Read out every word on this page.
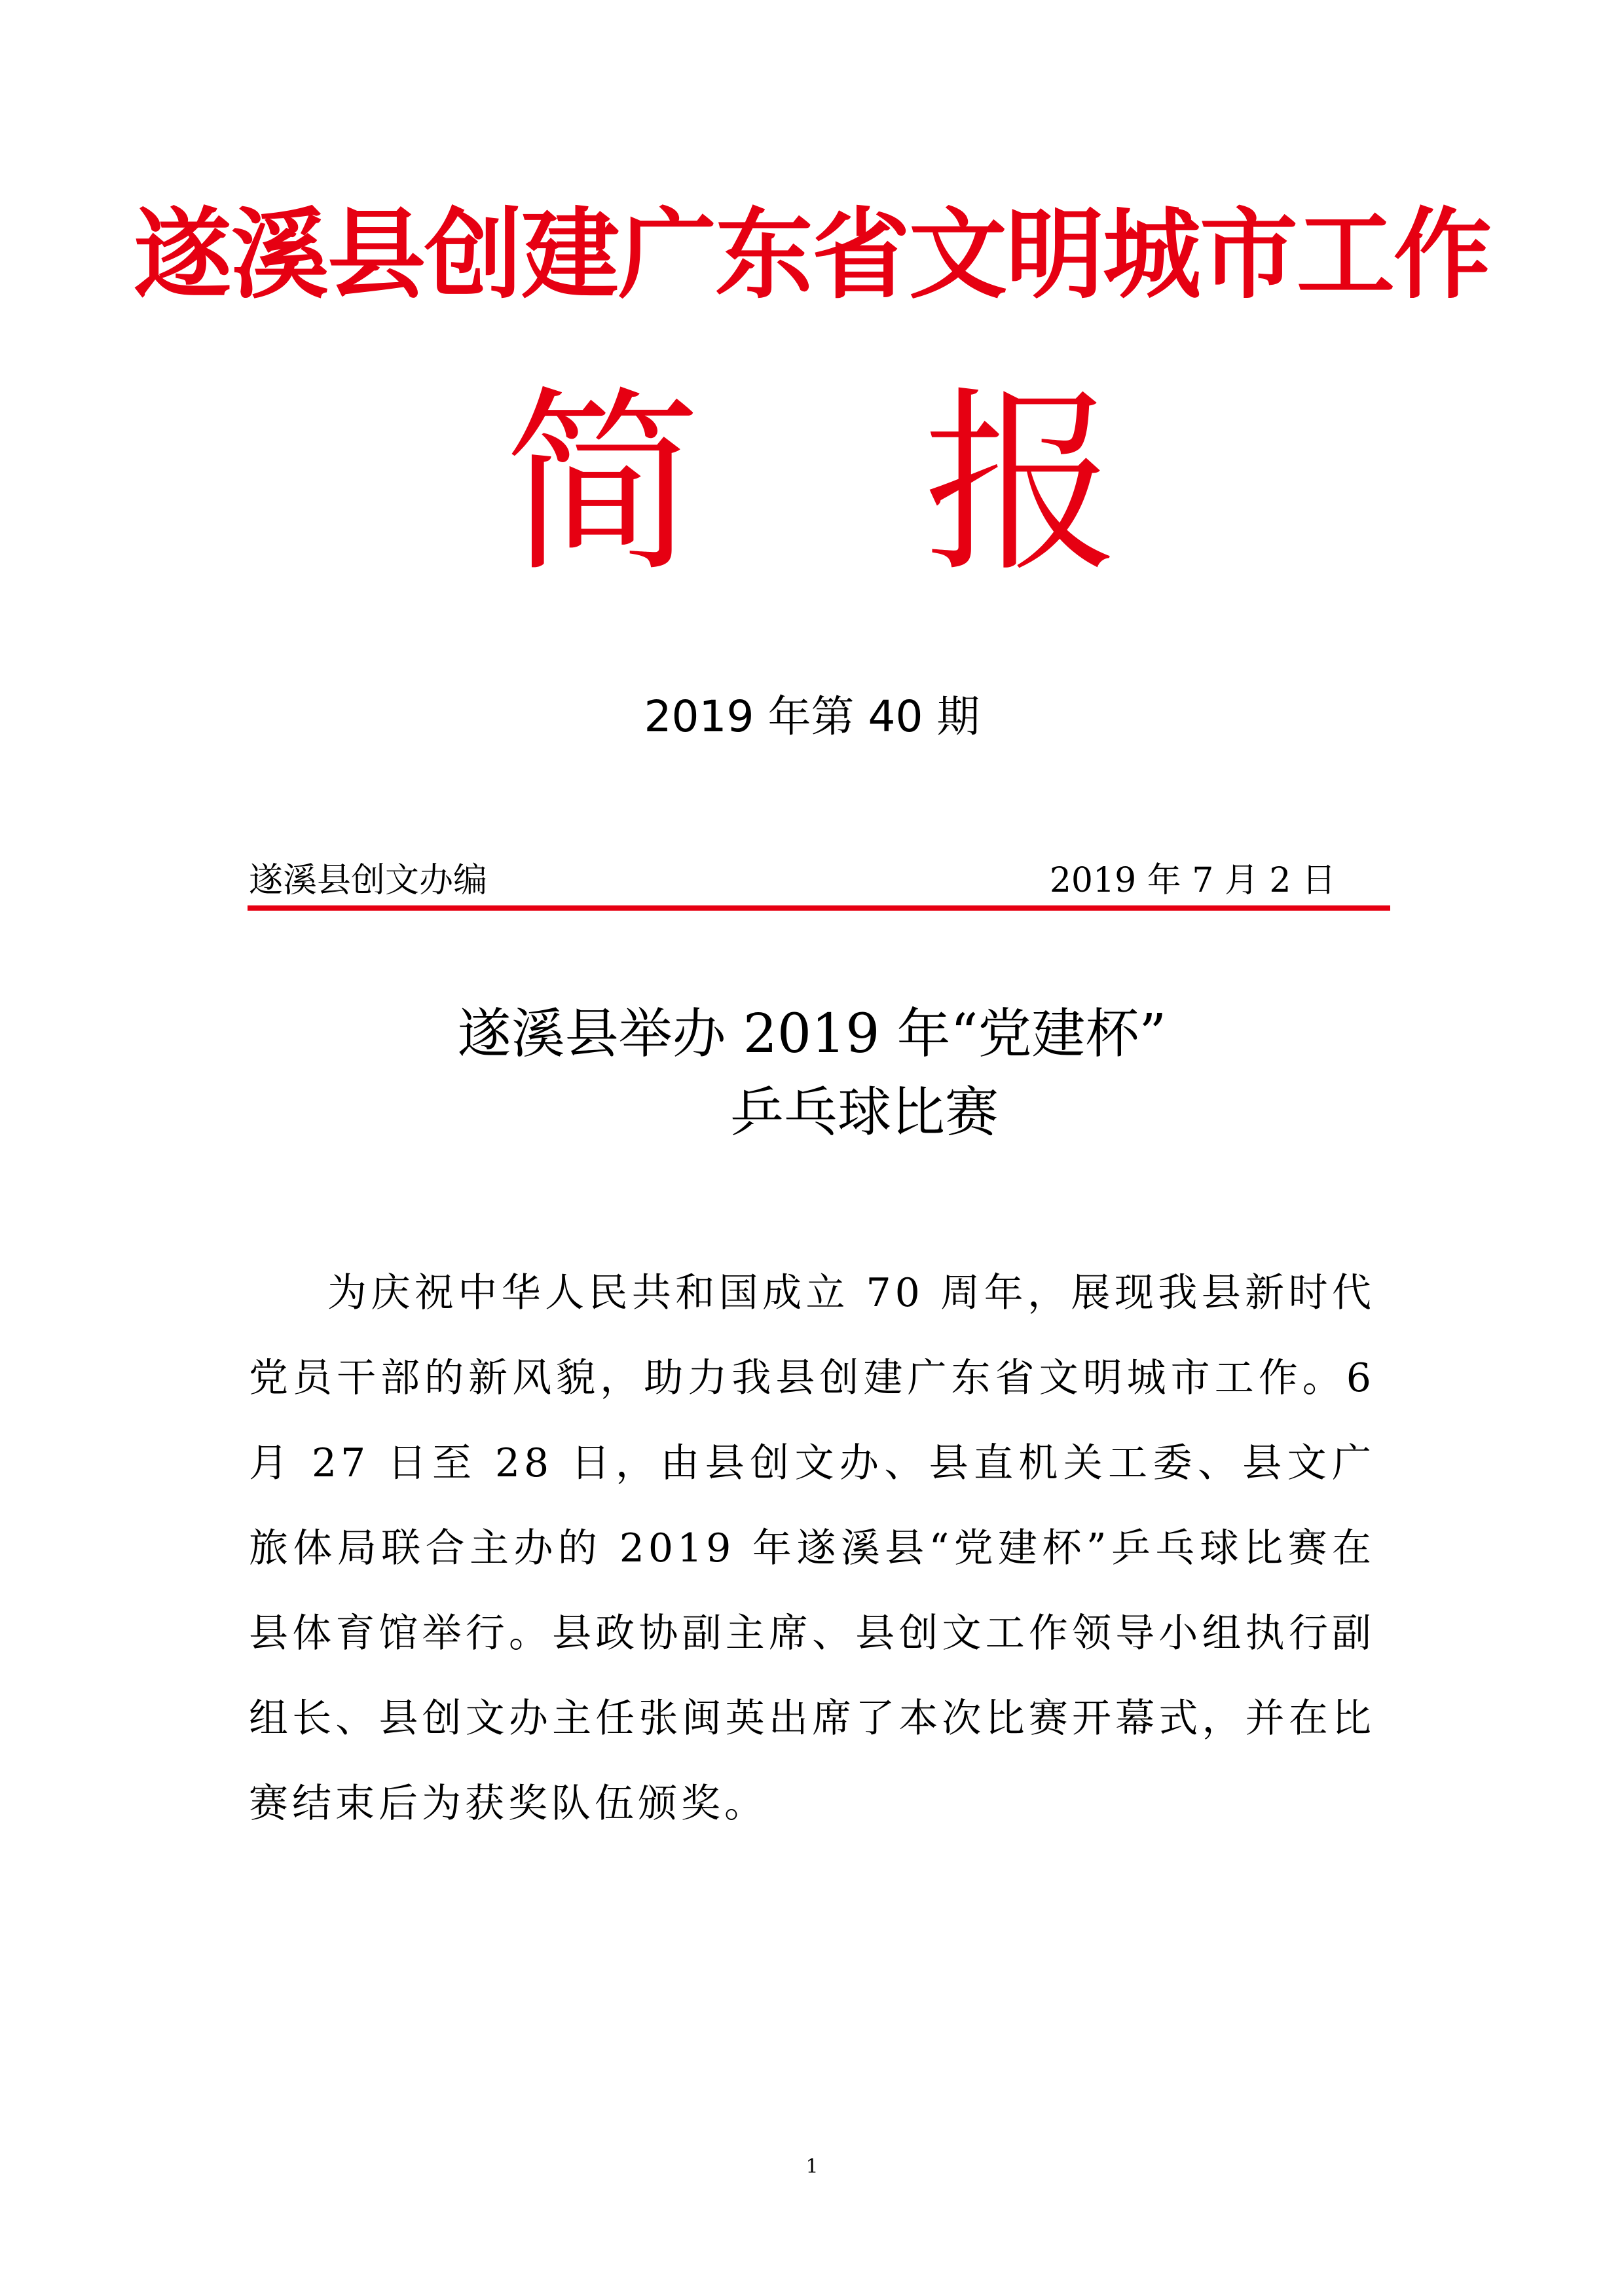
遂溪县创建广东省文明城市工作
简 报
2019 年第 40 期
遂溪县创文办编	2019 年 7 月 2 日
遂溪县举办 2019 年“党建杯”
乒乓球比赛
为庆祝中华人民共和国成立 70 周年，展现我县新时代党员干部的新风貌，助力我县创建广东省文明城市工作。6 月 27 日至 28 日，由县创文办、县直机关工委、县文广旅体局联合主办的 2019 年遂溪县“党建杯”乒乓球比赛在县体育馆举行。县政协副主席、县创文工作领导小组执行副组长、县创文办主任张闽英出席了本次比赛开幕式，并在比赛结束后为获奖队伍颁奖。
1
